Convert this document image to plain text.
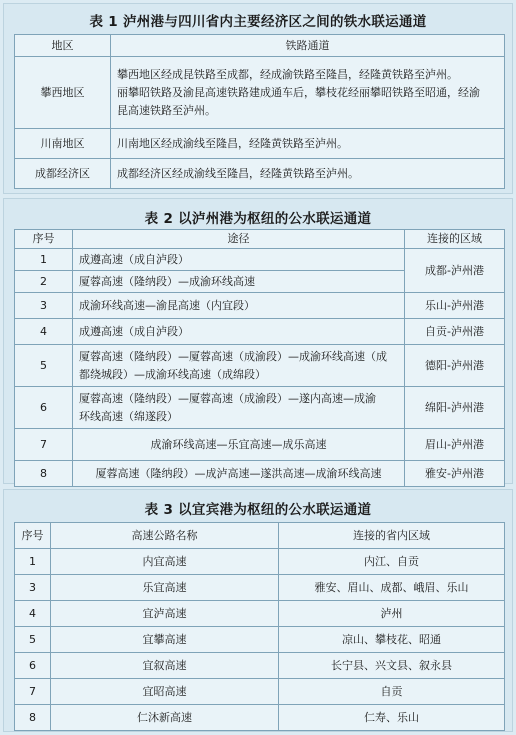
表 1 泸州港与四川省内主要经济区之间的铁水联运通道
地区	铁路通道
攀西地区	攀西地区经成昆铁路至成都，经成渝铁路至隆昌，经隆黄铁路至泸州。
丽攀昭铁路及渝昆高速铁路建成通车后，攀枝花经丽攀昭铁路至昭通，经渝
昆高速铁路至泸州。

川南地区	川南地区经成渝线至隆昌，经隆黄铁路至泸州。
成都经济区	成都经济区经成渝线至隆昌，经隆黄铁路至泸州。
表 2 以泸州港为枢纽的公水联运通道
序号	途径	连接的区域
1	成遵高速（成自泸段）	成都-泸州港
2	厦蓉高速（隆纳段）—成渝环线高速	
3	成渝环线高速—渝昆高速（内宜段）	乐山-泸州港
4	成遵高速（成自泸段）	自贡-泸州港
5	厦蓉高速（隆纳段）—厦蓉高速（成渝段）—成渝环线高速（成
都绕城段）—成渝环线高速（成绵段）	德阳-泸州港
6	厦蓉高速（隆纳段）—厦蓉高速（成渝段）—遂内高速—成渝
环线高速（绵遂段）	绵阳-泸州港
7	成渝环线高速—乐宜高速—成乐高速	眉山-泸州港
8	厦蓉高速（隆纳段）—成泸高速—遂洪高速—成渝环线高速	雅安-泸州港
表 3 以宜宾港为枢纽的公水联运通道
序号	高速公路名称	连接的省内区域
1	内宜高速	内江、自贡
3	乐宜高速	雅安、眉山、成都、峨眉、乐山
4	宜泸高速	泸州
5	宜攀高速	凉山、攀枝花、昭通
6	宜叙高速	长宁县、兴文县、叙永县
7	宜昭高速	自贡
8	仁沐新高速	仁寿、乐山
